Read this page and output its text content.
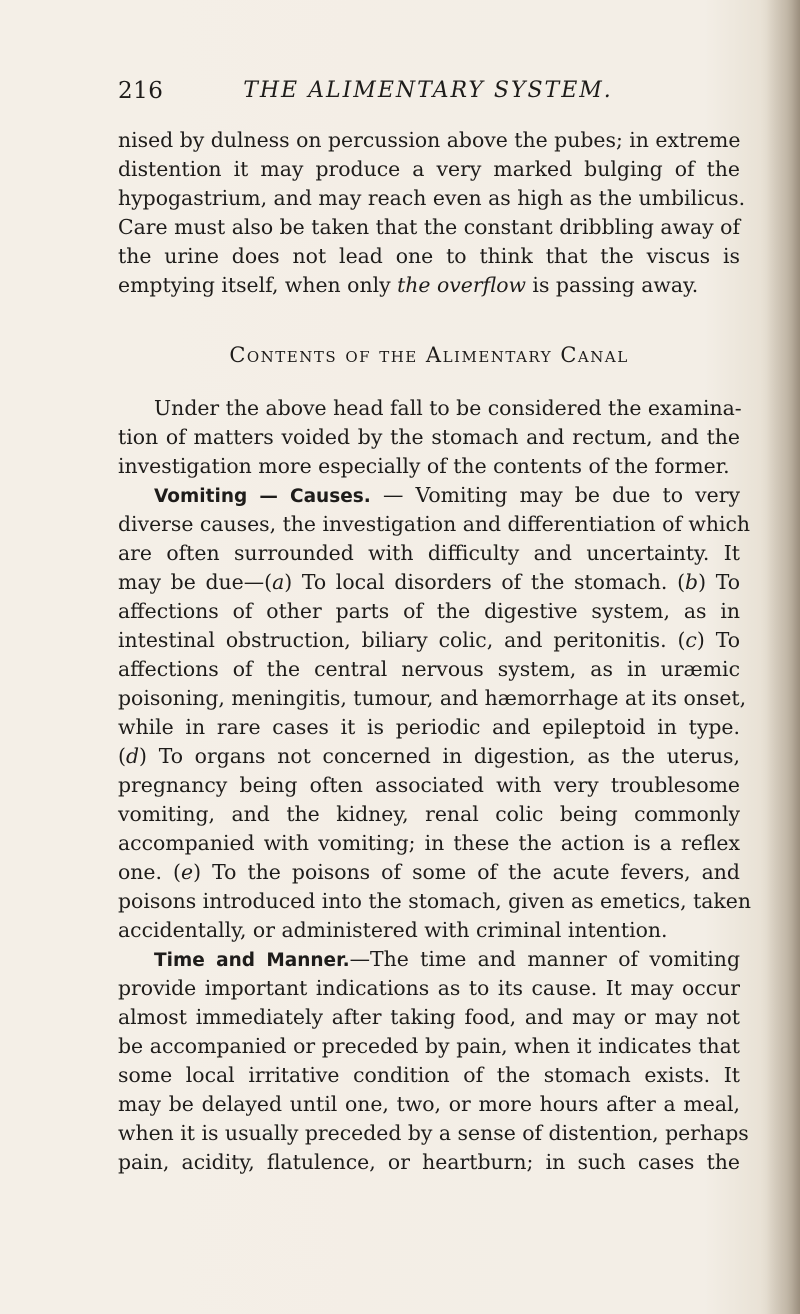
216	THE ALIMENTARY SYSTEM.
nised by dulness on percussion above the pubes; in extreme
distention it may produce a very marked bulging of the
hypogastrium, and may reach even as high as the umbilicus.
Care must also be taken that the constant dribbling away of
the urine does not lead one to think that the viscus is
emptying itself, when only the overflow is passing away.
Contents of the Alimentary Canal
Under the above head fall to be considered the examina-
tion of matters voided by the stomach and rectum, and the
investigation more especially of the contents of the former.
Vomiting — Causes. — Vomiting may be due to very
diverse causes, the investigation and differentiation of which
are often surrounded with difficulty and uncertainty. It
may be due—(a) To local disorders of the stomach. (b) To
affections of other parts of the digestive system, as in
intestinal obstruction, biliary colic, and peritonitis. (c) To
affections of the central nervous system, as in uræmic
poisoning, meningitis, tumour, and hæmorrhage at its onset,
while in rare cases it is periodic and epileptoid in type.
(d) To organs not concerned in digestion, as the uterus,
pregnancy being often associated with very troublesome
vomiting, and the kidney, renal colic being commonly
accompanied with vomiting; in these the action is a reflex
one. (e) To the poisons of some of the acute fevers, and
poisons introduced into the stomach, given as emetics, taken
accidentally, or administered with criminal intention.
Time and Manner.—The time and manner of vomiting
provide important indications as to its cause. It may occur
almost immediately after taking food, and may or may not
be accompanied or preceded by pain, when it indicates that
some local irritative condition of the stomach exists. It
may be delayed until one, two, or more hours after a meal,
when it is usually preceded by a sense of distention, perhaps
pain, acidity, flatulence, or heartburn; in such cases the
